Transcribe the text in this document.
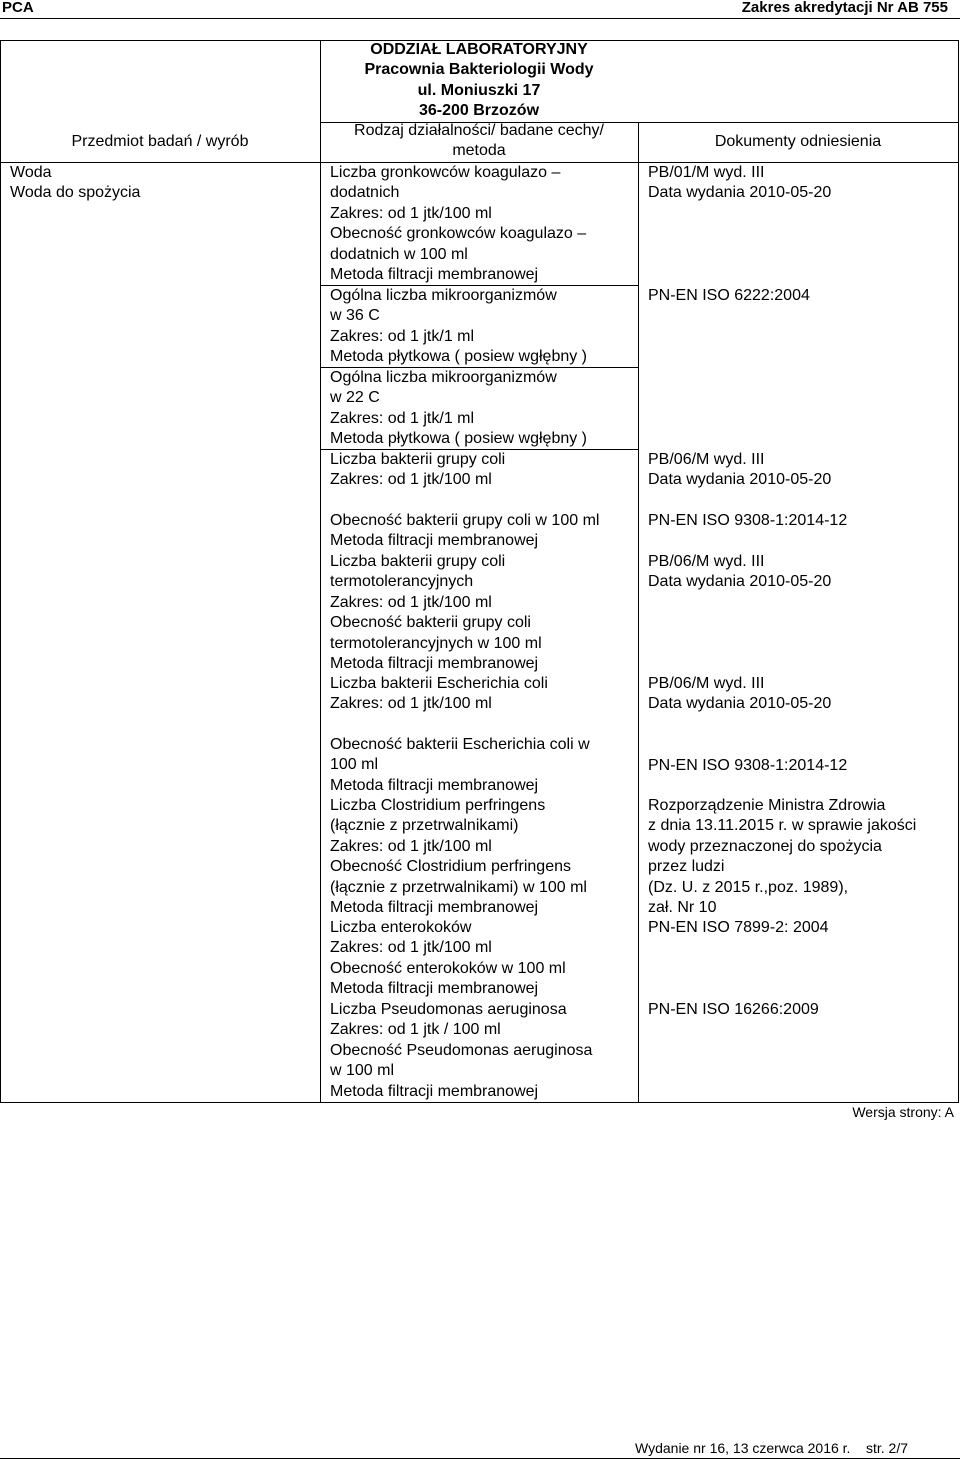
PCA	Zakres akredytacji Nr AB 755
ODDZIAŁ LABORATORYJNY
Pracownia Bakteriologii Wody
ul. Moniuszki 17
36-200 Brzozów
Przedmiot badań / wyrób
Rodzaj działalności/ badane cechy/
metoda
Dokumenty odniesienia
Woda
Woda do spożycia
Liczba gronkowców koagulazo –
dodatnich
Zakres: od 1 jtk/100 ml
Obecność gronkowców koagulazo –
dodatnich w 100 ml
Metoda filtracji membranowej
Ogólna liczba mikroorganizmów
w 36 C
Zakres: od 1 jtk/1 ml
Metoda płytkowa ( posiew wgłębny )
Ogólna liczba mikroorganizmów
w 22 C
Zakres: od 1 jtk/1 ml
Metoda płytkowa ( posiew wgłębny )
Liczba bakterii grupy coli
Zakres: od 1 jtk/100 ml
Obecność bakterii grupy coli w 100 ml
Metoda filtracji membranowej
Liczba bakterii grupy coli
termotolerancyjnych
Zakres: od 1 jtk/100 ml
Obecność bakterii grupy coli
termotolerancyjnych w 100 ml
Metoda filtracji membranowej
Liczba bakterii Escherichia coli
Zakres: od 1 jtk/100 ml
Obecność bakterii Escherichia coli w
100 ml
Metoda filtracji membranowej
Liczba Clostridium perfringens
(łącznie z przetrwalnikami)
Zakres: od 1 jtk/100 ml
Obecność Clostridium perfringens
(łącznie z przetrwalnikami) w 100 ml
Metoda filtracji membranowej
Liczba enterokoków
Zakres: od 1 jtk/100 ml
Obecność enterokoków w 100 ml
Metoda filtracji membranowej
Liczba Pseudomonas aeruginosa
Zakres: od 1 jtk / 100 ml
Obecność Pseudomonas aeruginosa
w 100 ml
Metoda filtracji membranowej
PB/01/M wyd. III
Data wydania 2010-05-20
PN-EN ISO 6222:2004
PB/06/M wyd. III
Data wydania 2010-05-20
PN-EN ISO 9308-1:2014-12
PB/06/M wyd. III
Data wydania 2010-05-20
PB/06/M wyd. III
Data wydania 2010-05-20
PN-EN ISO 9308-1:2014-12
Rozporządzenie Ministra Zdrowia
z dnia 13.11.2015 r. w sprawie jakości
wody przeznaczonej do spożycia
przez ludzi
(Dz. U. z 2015 r.,poz. 1989),
zał. Nr 10
PN-EN ISO 7899-2: 2004
PN-EN ISO 16266:2009
Wersja strony: A
Wydanie nr 16, 13 czerwca 2016 r. str. 2/7
